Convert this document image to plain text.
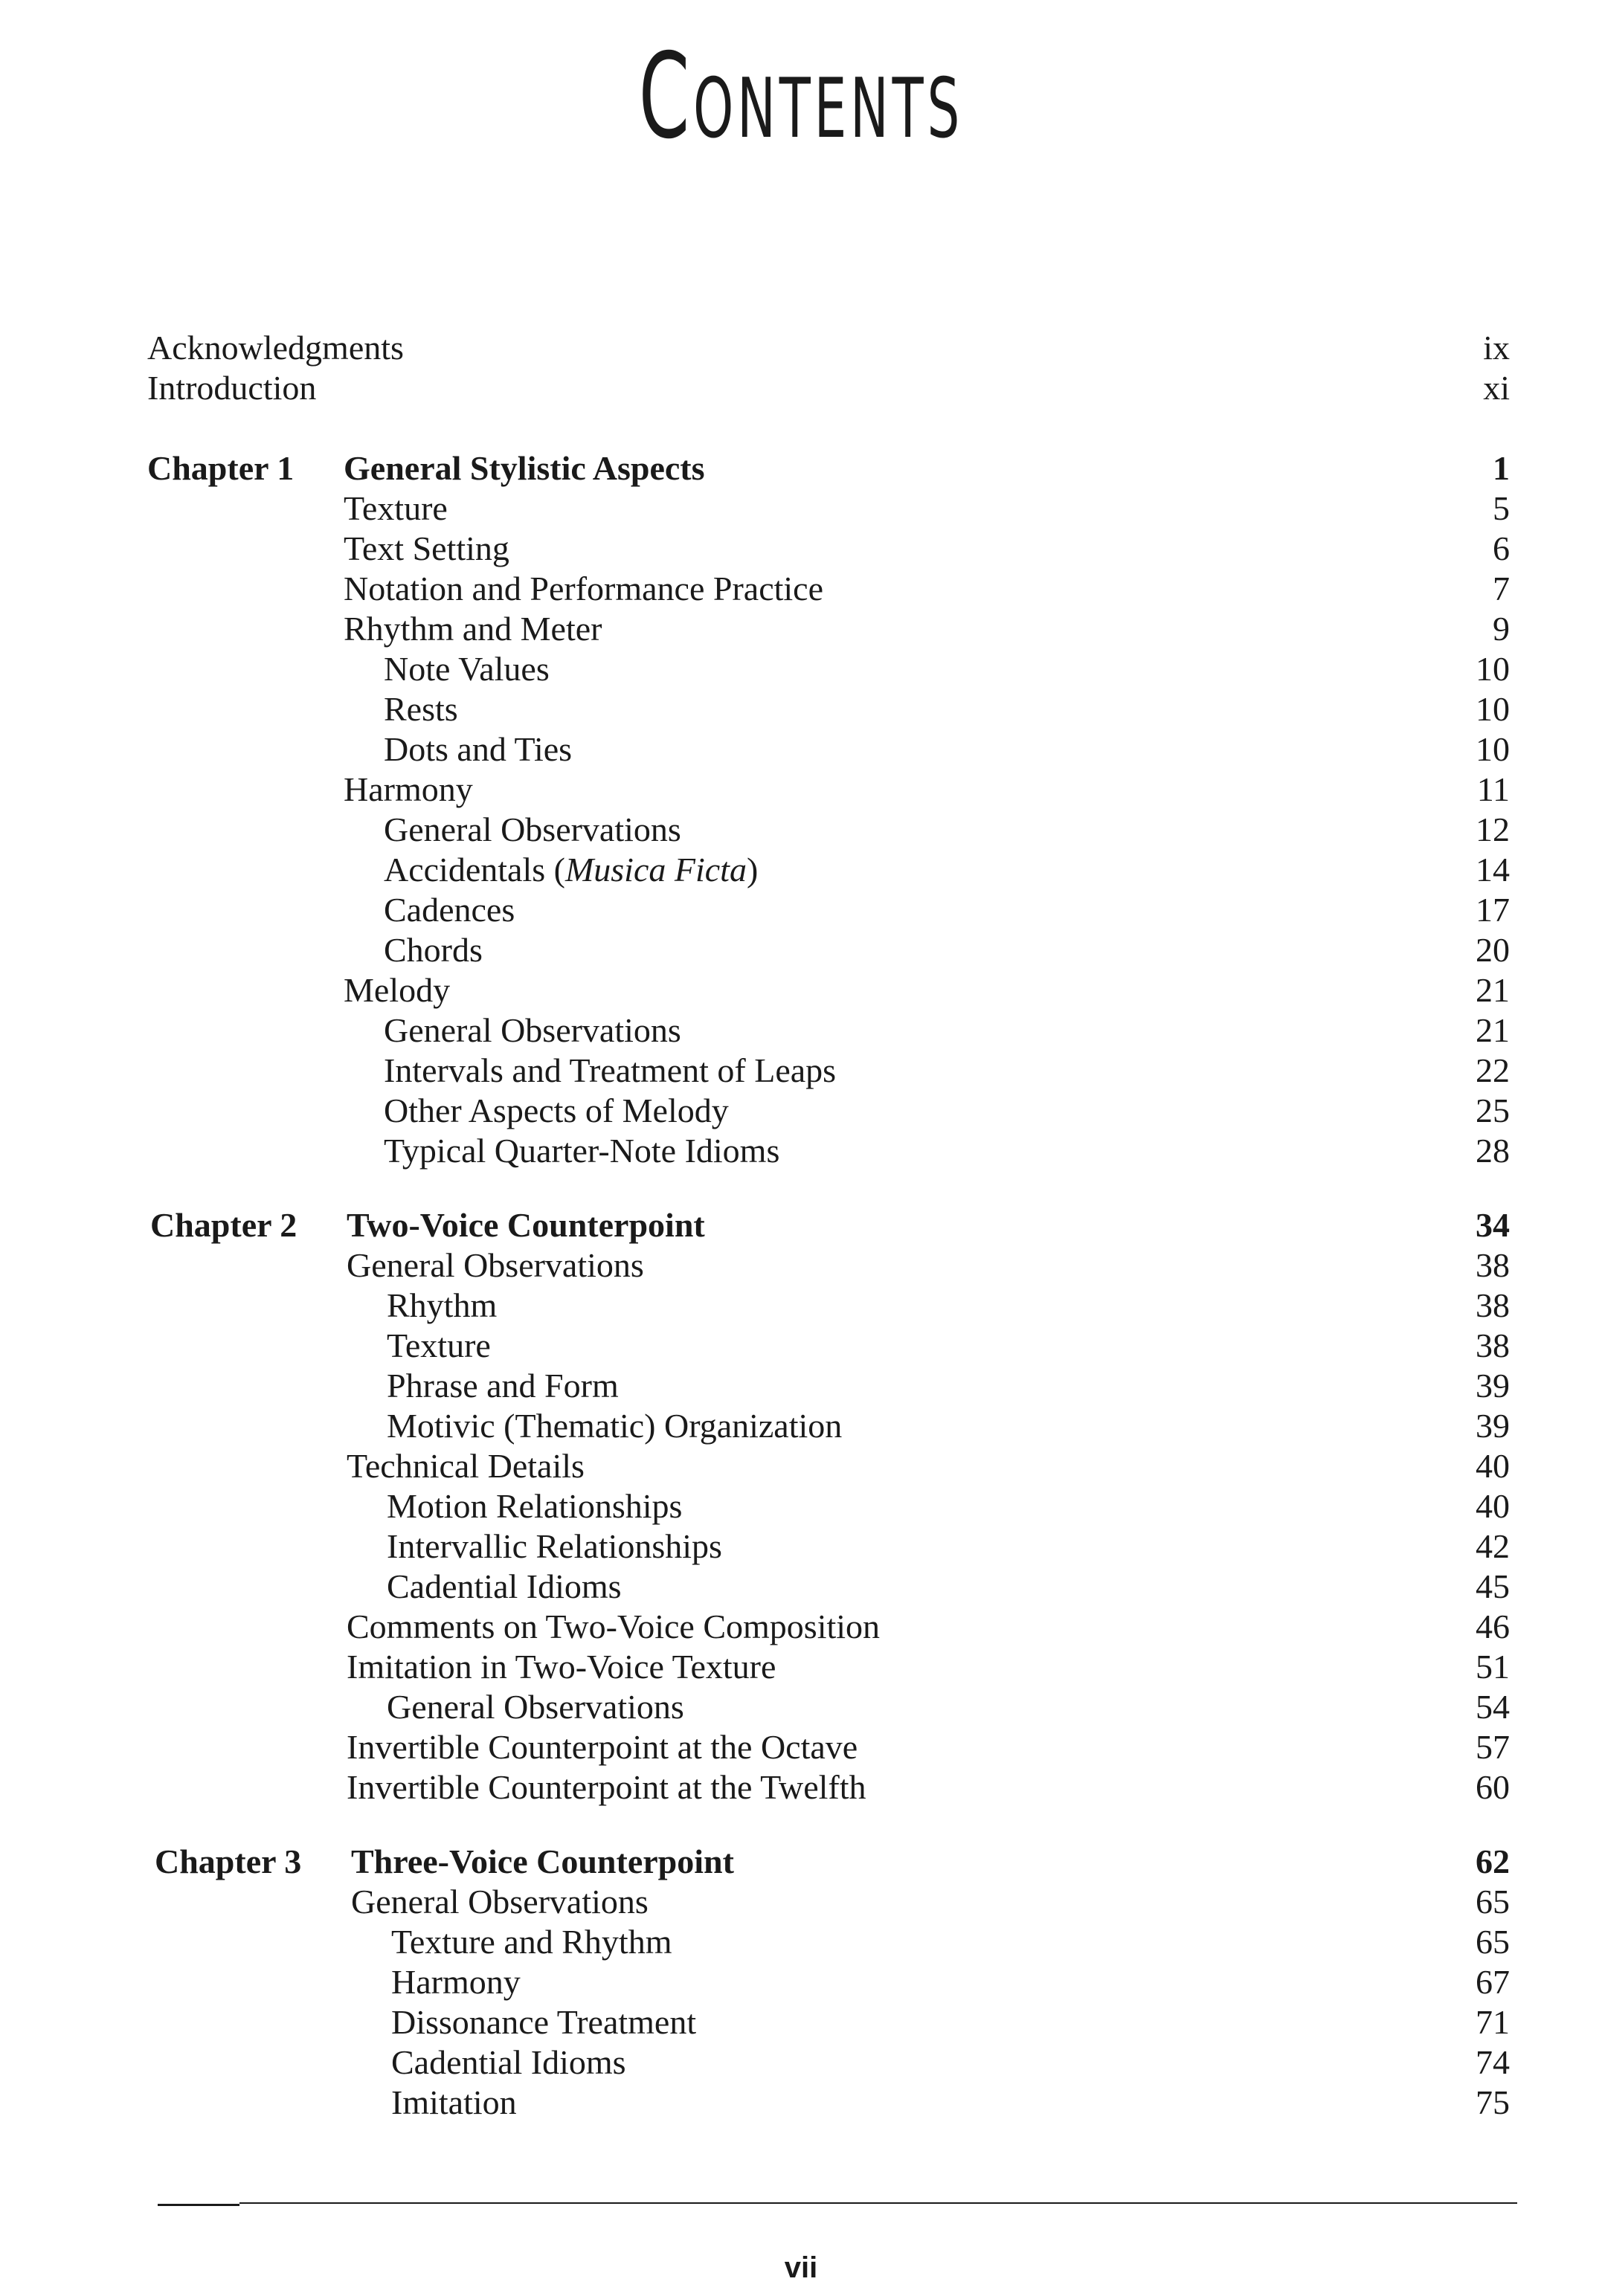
Contents
Acknowledgments	ix
Introduction	xi
Chapter 1 General Stylistic Aspects	1
Texture	5
Text Setting	6
Notation and Performance Practice	7
Rhythm and Meter	9
Note Values	10
Rests	10
Dots and Ties	10
Harmony	11
General Observations	12
Accidentals (Musica Ficta)	14
Cadences	17
Chords	20
Melody	21
General Observations	21
Intervals and Treatment of Leaps	22
Other Aspects of Melody	25
Typical Quarter-Note Idioms	28
Chapter 2 Two-Voice Counterpoint	34
General Observations	38
Rhythm	38
Texture	38
Phrase and Form	39
Motivic (Thematic) Organization	39
Technical Details	40
Motion Relationships	40
Intervallic Relationships	42
Cadential Idioms	45
Comments on Two-Voice Composition	46
Imitation in Two-Voice Texture	51
General Observations	54
Invertible Counterpoint at the Octave	57
Invertible Counterpoint at the Twelfth	60
Chapter 3 Three-Voice Counterpoint	62
General Observations	65
Texture and Rhythm	65
Harmony	67
Dissonance Treatment	71
Cadential Idioms	74
Imitation	75
vii
